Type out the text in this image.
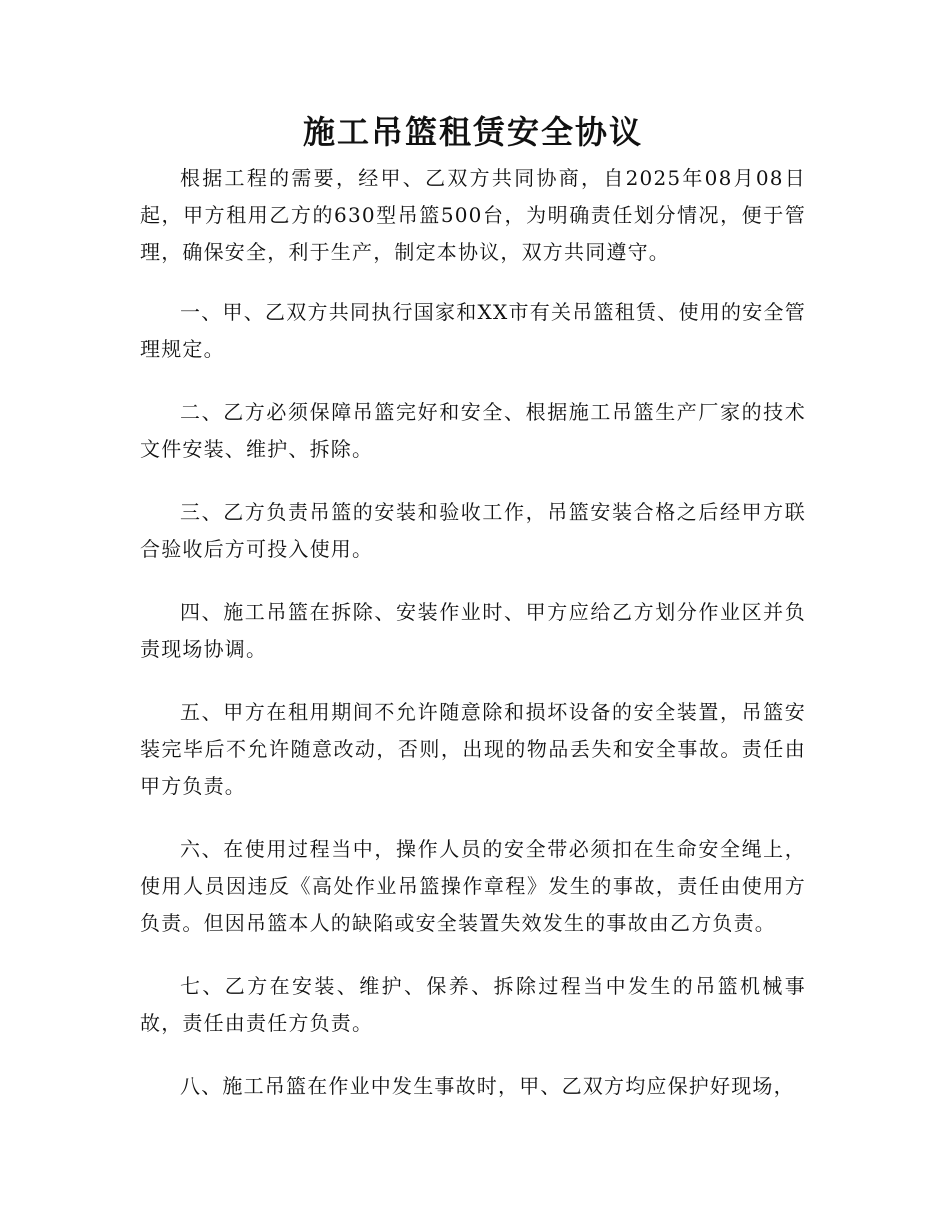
施工吊篮租赁安全协议

根据工程的需要，经甲、乙双方共同协商，自2025年08月08日起，甲方租用乙方的630型吊篮500台，为明确责任划分情况，便于管理，确保安全，利于生产，制定本协议，双方共同遵守。

一、甲、乙双方共同执行国家和XX市有关吊篮租赁、使用的安全管理规定。

二、乙方必须保障吊篮完好和安全、根据施工吊篮生产厂家的技术文件安装、维护、拆除。

三、乙方负责吊篮的安装和验收工作，吊篮安装合格之后经甲方联合验收后方可投入使用。

四、施工吊篮在拆除、安装作业时、甲方应给乙方划分作业区并负责现场协调。

五、甲方在租用期间不允许随意除和损坏设备的安全装置，吊篮安装完毕后不允许随意改动，否则，出现的物品丢失和安全事故。责任由甲方负责。

六、在使用过程当中，操作人员的安全带必须扣在生命安全绳上，使用人员因违反《高处作业吊篮操作章程》发生的事故，责任由使用方负责。但因吊篮本人的缺陷或安全装置失效发生的事故由乙方负责。

七、乙方在安装、维护、保养、拆除过程当中发生的吊篮机械事故，责任由责任方负责。

八、施工吊篮在作业中发生事故时，甲、乙双方均应保护好现场，
